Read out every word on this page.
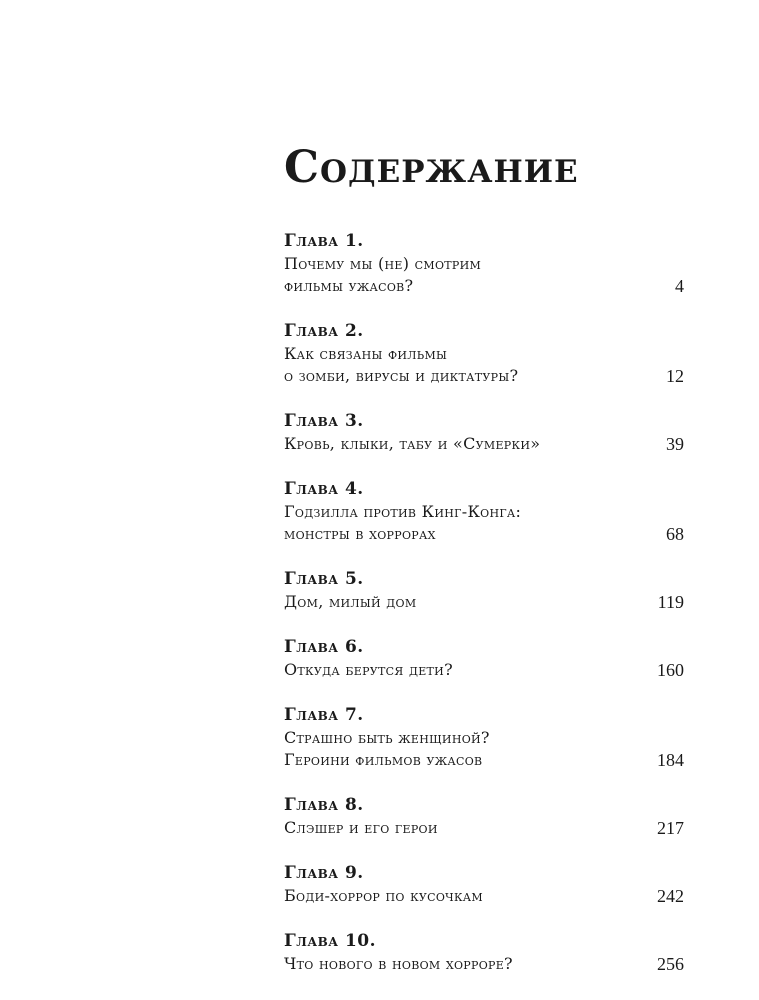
Содержание
Глава 1.
Почему мы (не) смотрим
фильмы ужасов?	4
Глава 2.
Как связаны фильмы
о зомби, вирусы и диктатуры?	12
Глава 3.
Кровь, клыки, табу и «Сумерки»	39
Глава 4.
Годзилла против Кинг-Конга:
монстры в хоррорах	68
Глава 5.
Дом, милый дом	119
Глава 6.
Откуда берутся дети?	160
Глава 7.
Страшно быть женщиной?
Героини фильмов ужасов	184
Глава 8.
Слэшер и его герои	217
Глава 9.
Боди-хоррор по кусочкам	242
Глава 10.
Что нового в новом хорроре?	256
